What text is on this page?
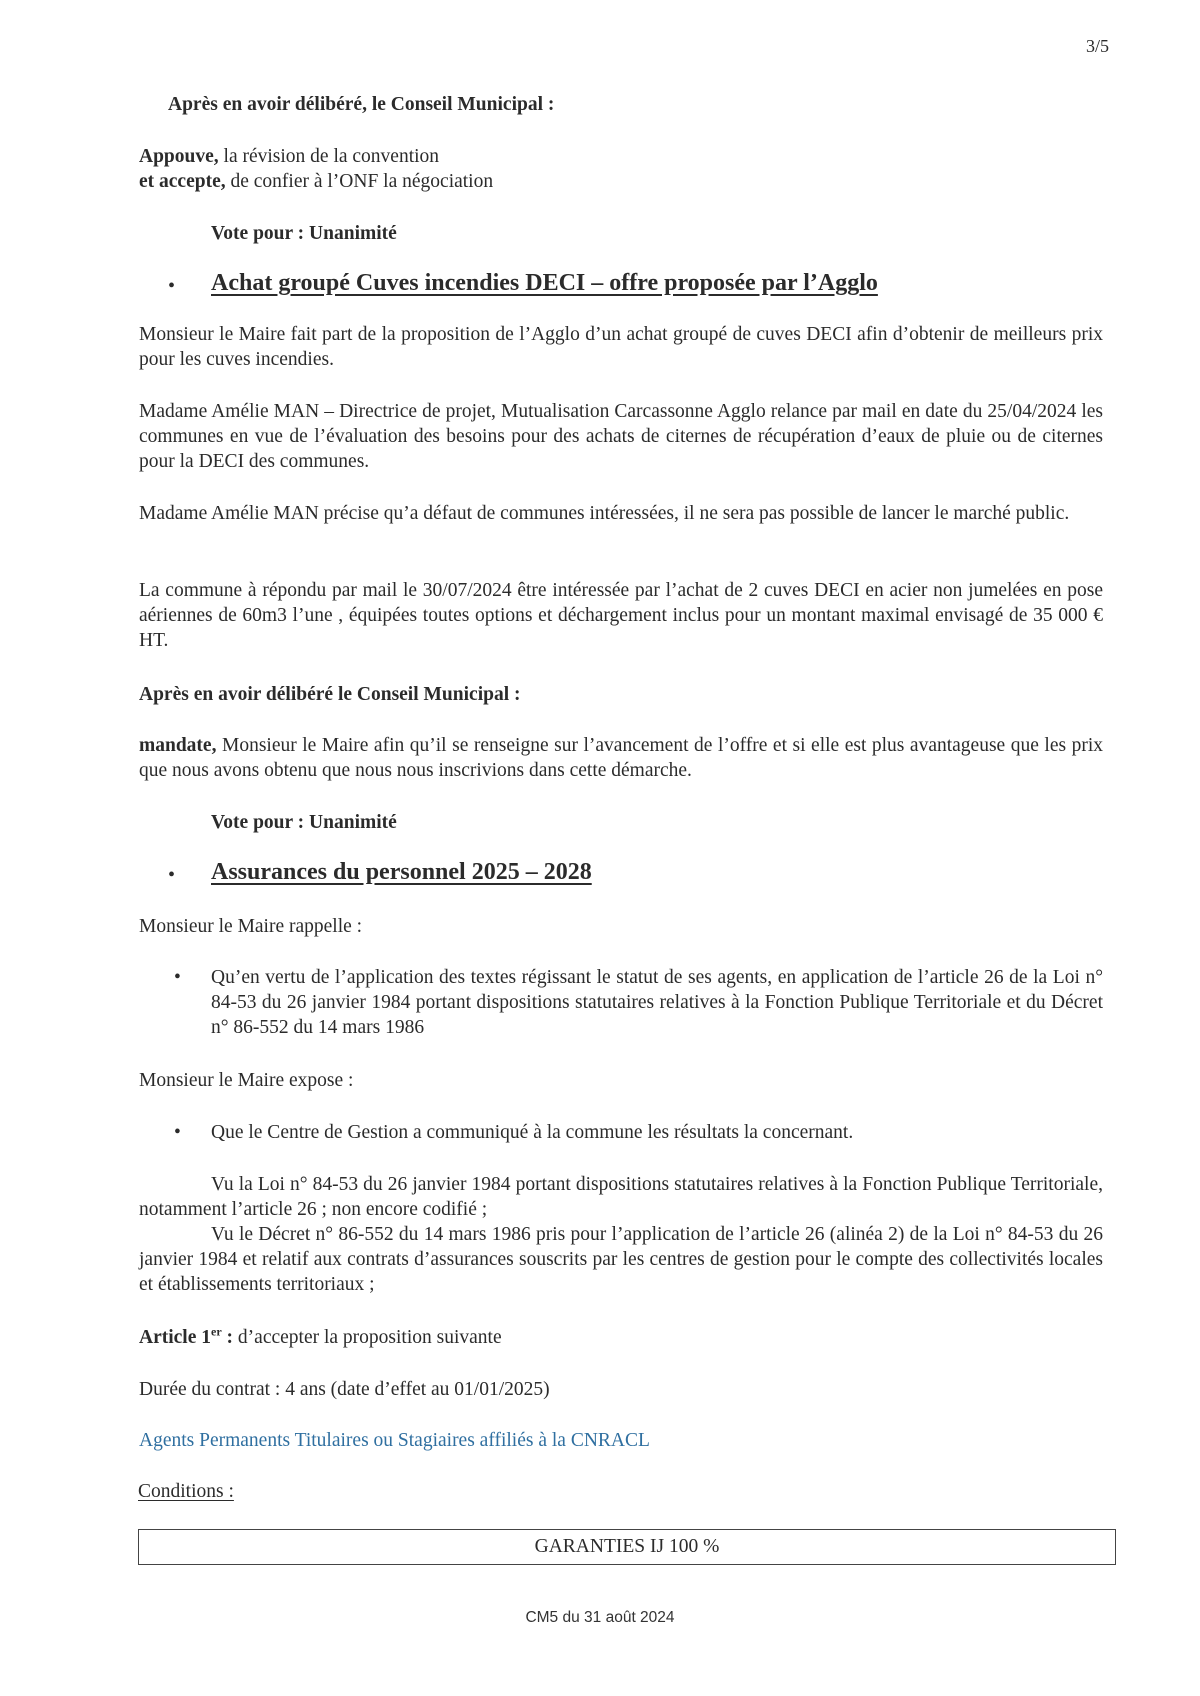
3/5
Après en avoir délibéré, le Conseil Municipal :
Appouve, la révision de la convention
et accepte, de confier à l’ONF la négociation
Vote pour : Unanimité
• Achat groupé Cuves incendies DECI – offre proposée par l’Agglo

Monsieur le Maire fait part de la proposition de l’Agglo d’un achat groupé de cuves DECI afin d’obtenir de meilleurs prix pour les cuves incendies.

Madame Amélie MAN – Directrice de projet, Mutualisation Carcassonne Agglo relance par mail en date du 25/04/2024 les communes en vue de l’évaluation des besoins pour des achats de citernes de récupération d’eaux de pluie ou de citernes pour la DECI des communes.

Madame Amélie MAN précise qu’a défaut de communes intéressées, il ne sera pas possible de lancer le marché public.

La commune à répondu par mail le 30/07/2024 être intéressée par l’achat de 2 cuves DECI en acier non jumelées en pose aériennes de 60m3 l’une , équipées toutes options et déchargement inclus pour un montant maximal envisagé de 35 000 € HT.

Après en avoir délibéré le Conseil Municipal :

mandate, Monsieur le Maire afin qu’il se renseigne sur l’avancement de l’offre et si elle est plus avantageuse que les prix que nous avons obtenu que nous nous inscrivions dans cette démarche.

Vote pour : Unanimité
• Assurances du personnel 2025 – 2028
Monsieur le Maire rappelle :
• Qu’en vertu de l’application des textes régissant le statut de ses agents, en application de l’article 26 de la Loi n° 84-53 du 26 janvier 1984 portant dispositions statutaires relatives à la Fonction Publique Territoriale et du Décret n° 86-552 du 14 mars 1986

Monsieur le Maire expose :
• Que le Centre de Gestion a communiqué à la commune les résultats la concernant.

Vu la Loi n° 84-53 du 26 janvier 1984 portant dispositions statutaires relatives à la Fonction Publique Territoriale, notamment l’article 26 ; non encore codifié ;

Vu le Décret n° 86-552 du 14 mars 1986 pris pour l’application de l’article 26 (alinéa 2) de la Loi n° 84-53 du 26 janvier 1984 et relatif aux contrats d’assurances souscrits par les centres de gestion pour le compte des collectivités locales et établissements territoriaux ;

Article 1er : d’accepter la proposition suivante
Durée du contrat : 4 ans (date d’effet au 01/01/2025)
Agents Permanents Titulaires ou Stagiaires affiliés à la CNRACL
Conditions :
GARANTIES IJ 100 %
CM5 du 31 août 2024
